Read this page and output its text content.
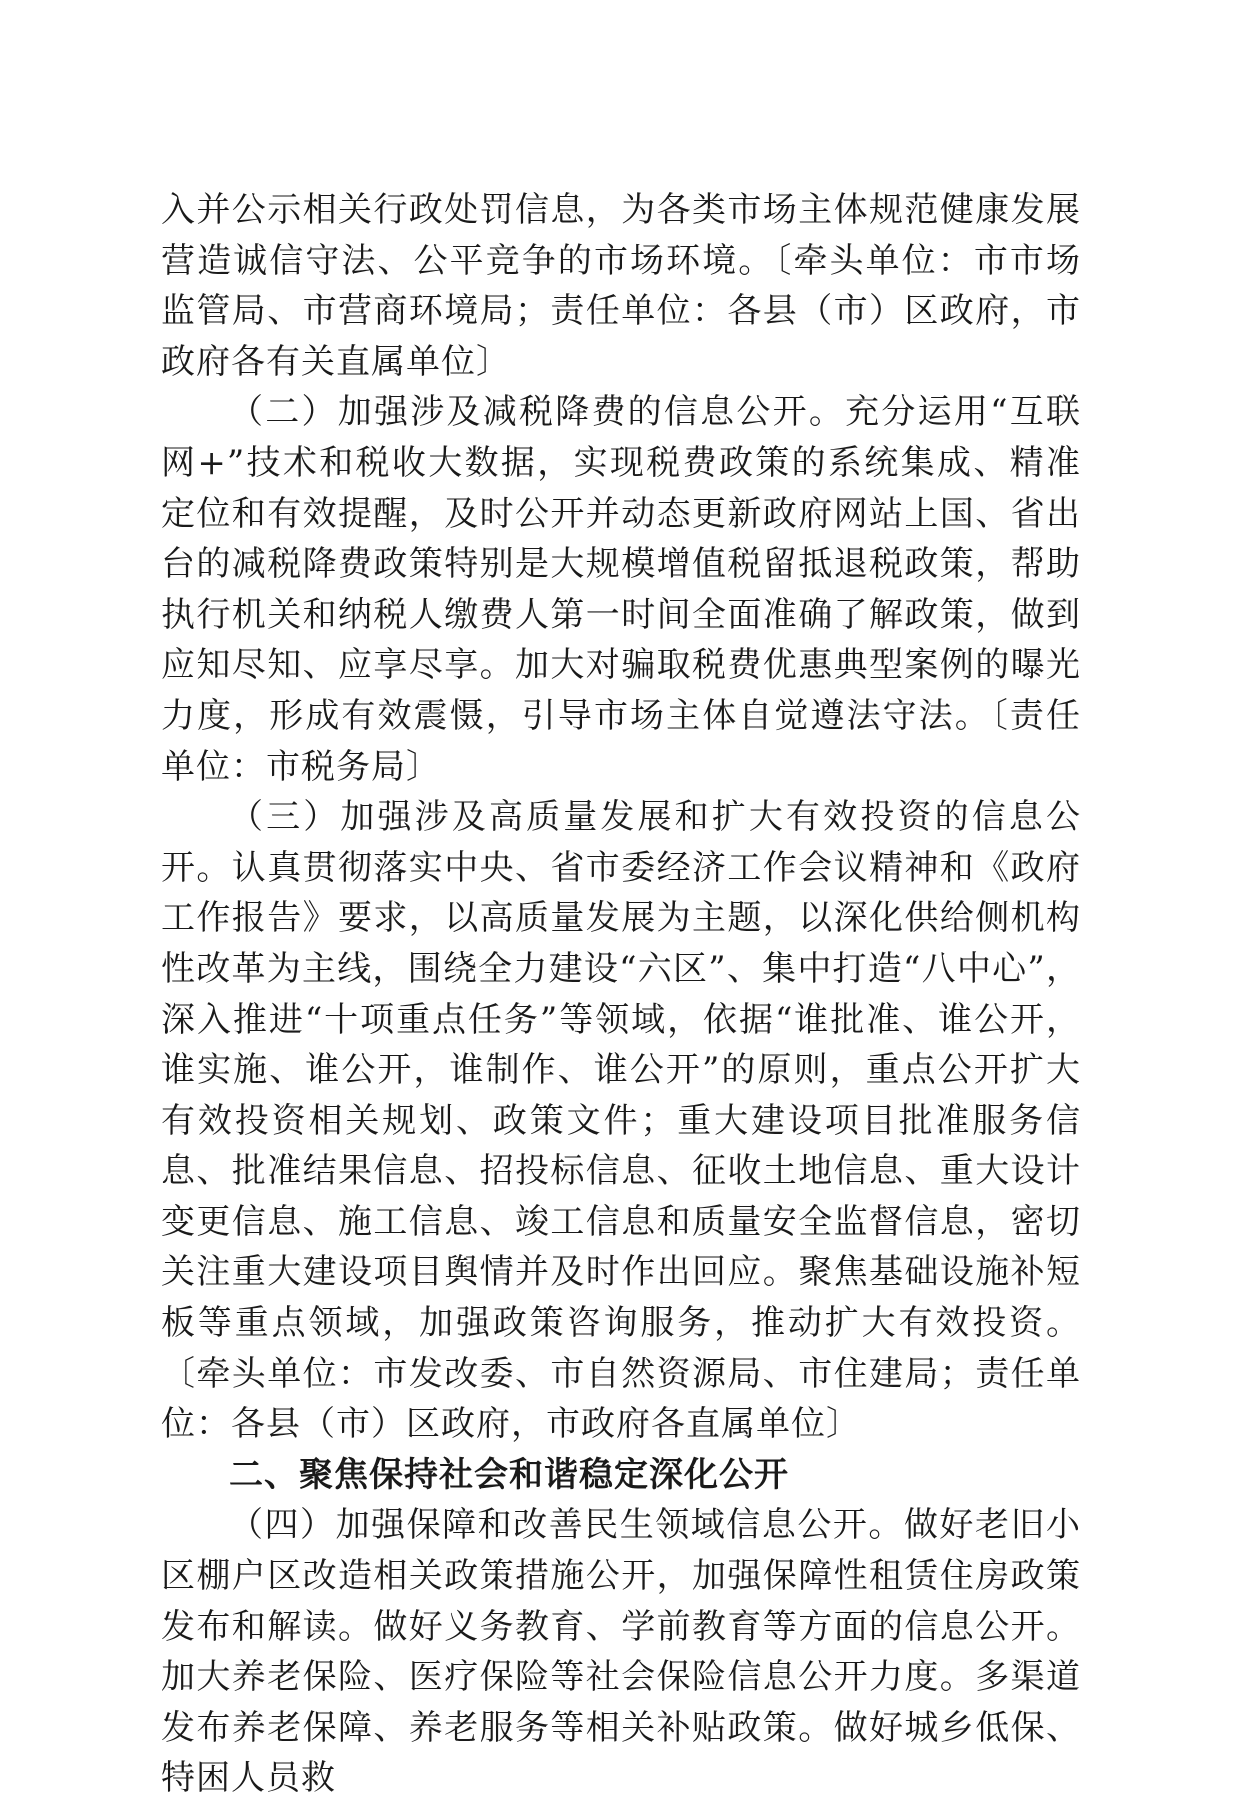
入并公示相关行政处罚信息，为各类市场主体规范健康发展营造诚信守法、公平竞争的市场环境。〔牵头单位：市市场监管局、市营商环境局；责任单位：各县（市）区政府，市政府各有关直属单位〕

（二）加强涉及减税降费的信息公开。充分运用“互联网+”技术和税收大数据，实现税费政策的系统集成、精准定位和有效提醒，及时公开并动态更新政府网站上国、省出台的减税降费政策特别是大规模增值税留抵退税政策，帮助执行机关和纳税人缴费人第一时间全面准确了解政策，做到应知尽知、应享尽享。加大对骗取税费优惠典型案例的曝光力度，形成有效震慑，引导市场主体自觉遵法守法。〔责任单位：市税务局〕

（三）加强涉及高质量发展和扩大有效投资的信息公开。认真贯彻落实中央、省市委经济工作会议精神和《政府工作报告》要求，以高质量发展为主题，以深化供给侧机构性改革为主线，围绕全力建设“六区”、集中打造“八中心”，深入推进“十项重点任务”等领域，依据“谁批准、谁公开，谁实施、谁公开，谁制作、谁公开”的原则，重点公开扩大有效投资相关规划、政策文件；重大建设项目批准服务信息、批准结果信息、招投标信息、征收土地信息、重大设计变更信息、施工信息、竣工信息和质量安全监督信息，密切关注重大建设项目舆情并及时作出回应。聚焦基础设施补短板等重点领域，加强政策咨询服务，推动扩大有效投资。〔牵头单位：市发改委、市自然资源局、市住建局；责任单位：各县（市）区政府，市政府各直属单位〕

二、聚焦保持社会和谐稳定深化公开

（四）加强保障和改善民生领域信息公开。做好老旧小区棚户区改造相关政策措施公开，加强保障性租赁住房政策发布和解读。做好义务教育、学前教育等方面的信息公开。加大养老保险、医疗保险等社会保险信息公开力度。多渠道发布养老保障、养老服务等相关补贴政策。做好城乡低保、特困人员救
